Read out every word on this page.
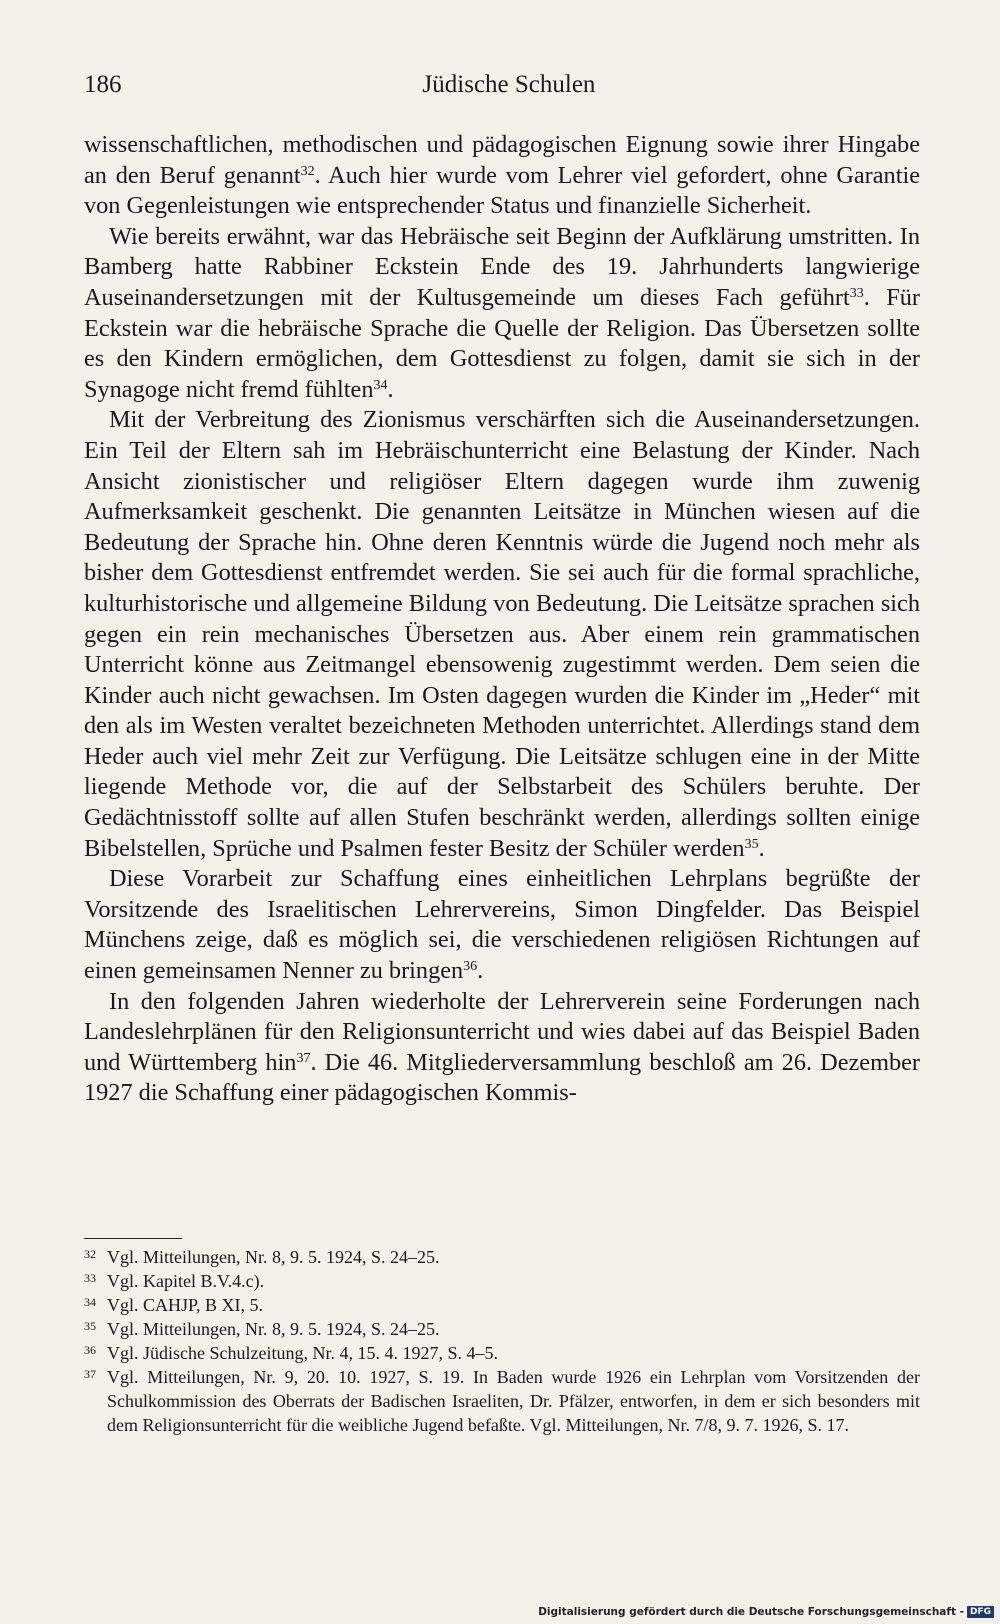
186	Jüdische Schulen

wissenschaftlichen, methodischen und pädagogischen Eignung sowie ihrer Hingabe an den Beruf genannt$^{32}$. Auch hier wurde vom Lehrer viel gefordert, ohne Garantie von Gegenleistungen wie entsprechender Status und finanzielle Sicherheit.

Wie bereits erwähnt, war das Hebräische seit Beginn der Aufklärung umstritten. In Bamberg hatte Rabbiner Eckstein Ende des 19. Jahrhunderts langwierige Auseinandersetzungen mit der Kultusgemeinde um dieses Fach geführt$^{33}$. Für Eckstein war die hebräische Sprache die Quelle der Religion. Das Übersetzen sollte es den Kindern ermöglichen, dem Gottesdienst zu folgen, damit sie sich in der Synagoge nicht fremd fühlten$^{34}$.

Mit der Verbreitung des Zionismus verschärften sich die Auseinandersetzungen. Ein Teil der Eltern sah im Hebräischunterricht eine Belastung der Kinder. Nach Ansicht zionistischer und religiöser Eltern dagegen wurde ihm zuwenig Aufmerksamkeit geschenkt. Die genannten Leitsätze in München wiesen auf die Bedeutung der Sprache hin. Ohne deren Kenntnis würde die Jugend noch mehr als bisher dem Gottesdienst entfremdet werden. Sie sei auch für die formal sprachliche, kulturhistorische und allgemeine Bildung von Bedeutung. Die Leitsätze sprachen sich gegen ein rein mechanisches Übersetzen aus. Aber einem rein grammatischen Unterricht könne aus Zeitmangel ebensowenig zugestimmt werden. Dem seien die Kinder auch nicht gewachsen. Im Osten dagegen wurden die Kinder im „Heder“ mit den als im Westen veraltet bezeichneten Methoden unterrichtet. Allerdings stand dem Heder auch viel mehr Zeit zur Verfügung. Die Leitsätze schlugen eine in der Mitte liegende Methode vor, die auf der Selbstarbeit des Schülers beruhte. Der Gedächtnisstoff sollte auf allen Stufen beschränkt werden, allerdings sollten einige Bibelstellen, Sprüche und Psalmen fester Besitz der Schüler werden$^{35}$.

Diese Vorarbeit zur Schaffung eines einheitlichen Lehrplans begrüßte der Vorsitzende des Israelitischen Lehrervereins, Simon Dingfelder. Das Beispiel Münchens zeige, daß es möglich sei, die verschiedenen religiösen Richtungen auf einen gemeinsamen Nenner zu bringen$^{36}$.

In den folgenden Jahren wiederholte der Lehrerverein seine Forderungen nach Landeslehrplänen für den Religionsunterricht und wies dabei auf das Beispiel Baden und Württemberg hin$^{37}$. Die 46. Mitgliederversammlung beschloß am 26. Dezember 1927 die Schaffung einer pädagogischen Kommis-

32 Vgl. Mitteilungen, Nr. 8, 9. 5. 1924, S. 24–25.

33 Vgl. Kapitel B.V.4.c).

34 Vgl. CAHJP, B XI, 5.

35 Vgl. Mitteilungen, Nr. 8, 9. 5. 1924, S. 24–25.

36 Vgl. Jüdische Schulzeitung, Nr. 4, 15. 4. 1927, S. 4–5.

37 Vgl. Mitteilungen, Nr. 9, 20. 10. 1927, S. 19. In Baden wurde 1926 ein Lehrplan vom Vorsitzenden der Schulkommission des Oberrats der Badischen Israeliten, Dr. Pfälzer, entworfen, in dem er sich besonders mit dem Religionsunterricht für die weibliche Jugend befaßte. Vgl. Mitteilungen, Nr. 7/8, 9. 7. 1926, S. 17.

Digitalisierung gefördert durch die Deutsche Forschungsgemeinschaft - DFG
